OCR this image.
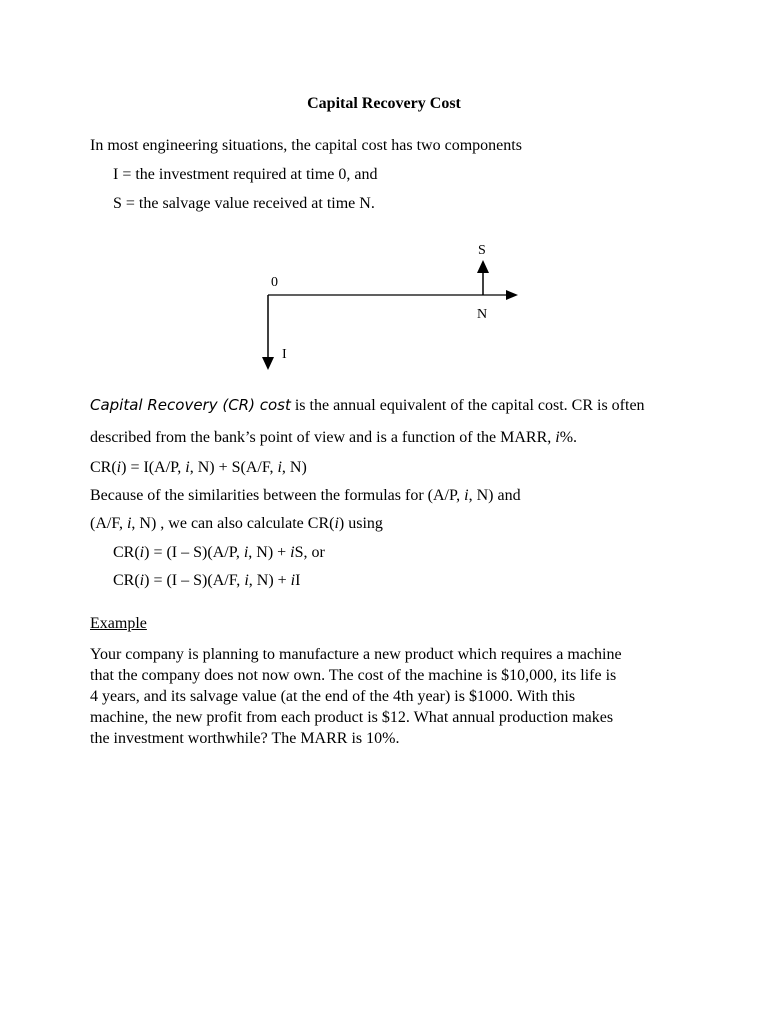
Capital Recovery Cost
In most engineering situations, the capital cost has two components
I = the investment required at time 0, and
S = the salvage value received at time N.
0
N
S
I
Capital Recovery (CR) cost is the annual equivalent of the capital cost. CR is often
described from the bank’s point of view and is a function of the MARR, i%.
CR(i) = I(A/P, i, N) + S(A/F, i, N)
Because of the similarities between the formulas for (A/P, i, N) and
(A/F, i, N) , we can also calculate CR(i) using
CR(i) = (I – S)(A/P, i, N) + iS, or
CR(i) = (I – S)(A/F, i, N) + iI
Example
Your company is planning to manufacture a new product which requires a machine
that the company does not now own. The cost of the machine is $10,000, its life is
4 years, and its salvage value (at the end of the 4th year) is $1000. With this
machine, the new profit from each product is $12. What annual production makes
the investment worthwhile? The MARR is 10%.
